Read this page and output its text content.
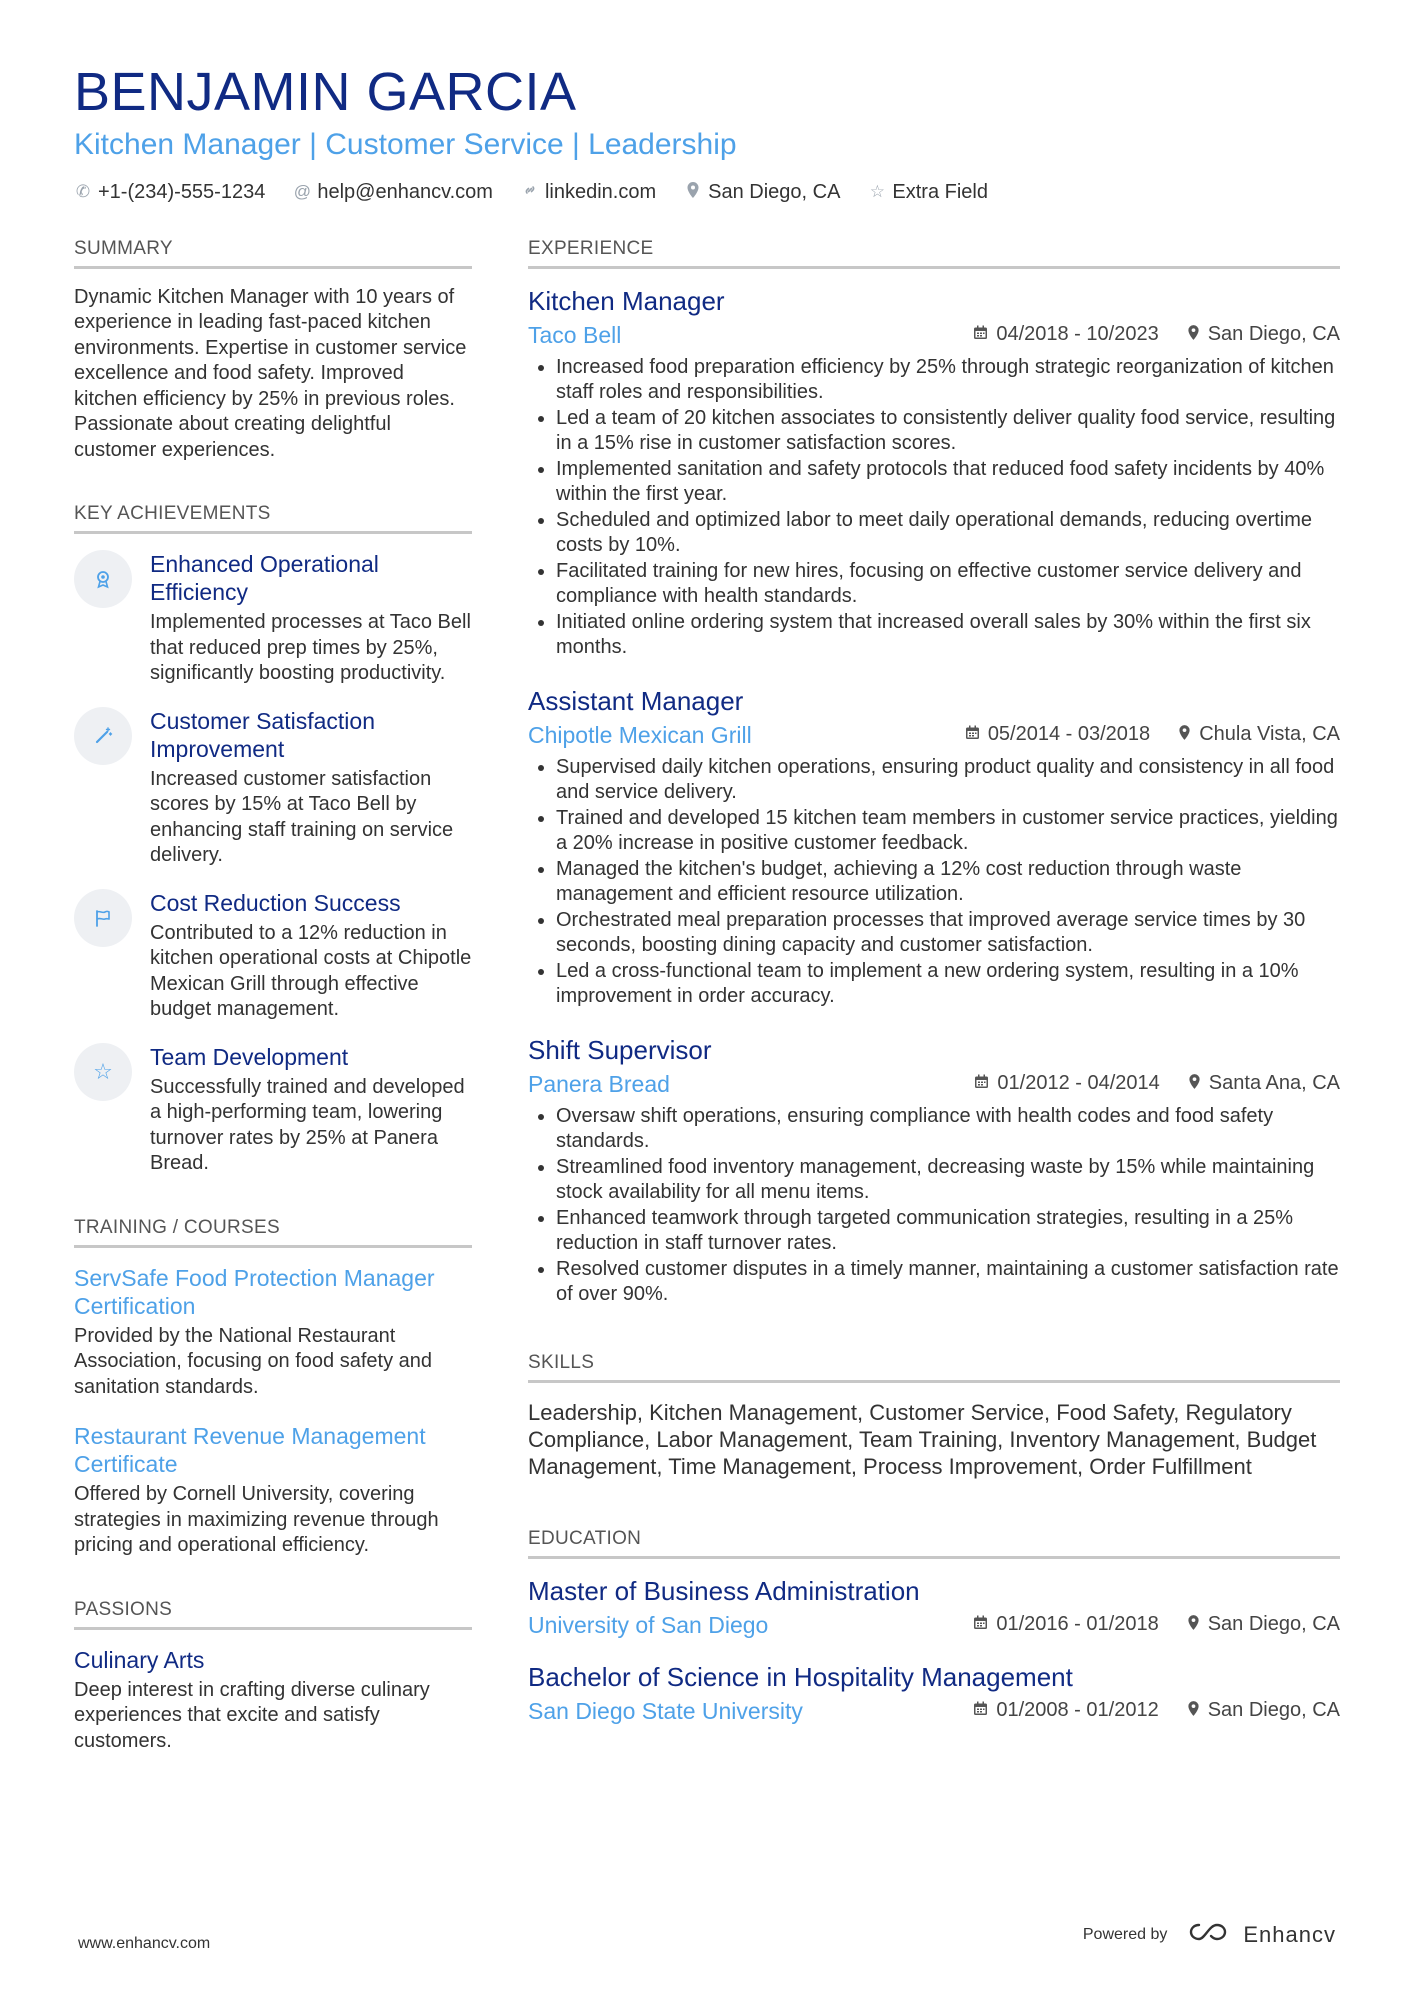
BENJAMIN GARCIA
Kitchen Manager | Customer Service | Leadership
✆ +1-(234)-555-1234 @ help@enhancv.com	linkedin.com	San Diego, CA ☆ Extra Field
SUMMARY
Dynamic Kitchen Manager with 10 years of experience in leading fast-paced kitchen environments. Expertise in customer service excellence and food safety. Improved kitchen efficiency by 25% in previous roles. Passionate about creating delightful customer experiences.
KEY ACHIEVEMENTS
Enhanced Operational Efficiency
Implemented processes at Taco Bell that reduced prep times by 25%, significantly boosting productivity.
Customer Satisfaction Improvement
Increased customer satisfaction scores by 15% at Taco Bell by enhancing staff training on service delivery.
Cost Reduction Success
Contributed to a 12% reduction in kitchen operational costs at Chipotle Mexican Grill through effective budget management.
☆
Team Development
Successfully trained and developed a high-performing team, lowering turnover rates by 25% at Panera Bread.
TRAINING / COURSES
ServSafe Food Protection Manager Certification
Provided by the National Restaurant Association, focusing on food safety and sanitation standards.
Restaurant Revenue Management Certificate
Offered by Cornell University, covering strategies in maximizing revenue through pricing and operational efficiency.
PASSIONS
Culinary Arts
Deep interest in crafting diverse culinary experiences that excite and satisfy customers.
EXPERIENCE
Kitchen Manager
Taco Bell	04/2018 - 10/2023 San Diego, CA
• Increased food preparation efficiency by 25% through strategic reorganization of kitchen staff roles and responsibilities.
• Led a team of 20 kitchen associates to consistently deliver quality food service, resulting in a 15% rise in customer satisfaction scores.
• Implemented sanitation and safety protocols that reduced food safety incidents by 40% within the first year.
• Scheduled and optimized labor to meet daily operational demands, reducing overtime costs by 10%.
• Facilitated training for new hires, focusing on effective customer service delivery and compliance with health standards.
• Initiated online ordering system that increased overall sales by 30% within the first six months.
Assistant Manager
Chipotle Mexican Grill	05/2014 - 03/2018 Chula Vista, CA
• Supervised daily kitchen operations, ensuring product quality and consistency in all food and service delivery.
• Trained and developed 15 kitchen team members in customer service practices, yielding a 20% increase in positive customer feedback.
• Managed the kitchen's budget, achieving a 12% cost reduction through waste management and efficient resource utilization.
• Orchestrated meal preparation processes that improved average service times by 30 seconds, boosting dining capacity and customer satisfaction.
• Led a cross-functional team to implement a new ordering system, resulting in a 10% improvement in order accuracy.
Shift Supervisor
Panera Bread	01/2012 - 04/2014 Santa Ana, CA
• Oversaw shift operations, ensuring compliance with health codes and food safety standards.
• Streamlined food inventory management, decreasing waste by 15% while maintaining stock availability for all menu items.
• Enhanced teamwork through targeted communication strategies, resulting in a 25% reduction in staff turnover rates.
• Resolved customer disputes in a timely manner, maintaining a customer satisfaction rate of over 90%.
SKILLS
Leadership, Kitchen Management, Customer Service, Food Safety, Regulatory Compliance, Labor Management, Team Training, Inventory Management, Budget Management, Time Management, Process Improvement, Order Fulfillment
EDUCATION
Master of Business Administration
University of San Diego	01/2016 - 01/2018 San Diego, CA
Bachelor of Science in Hospitality Management
San Diego State University	01/2008 - 01/2012 San Diego, CA
www.enhancv.com
Powered by	Enhancv
